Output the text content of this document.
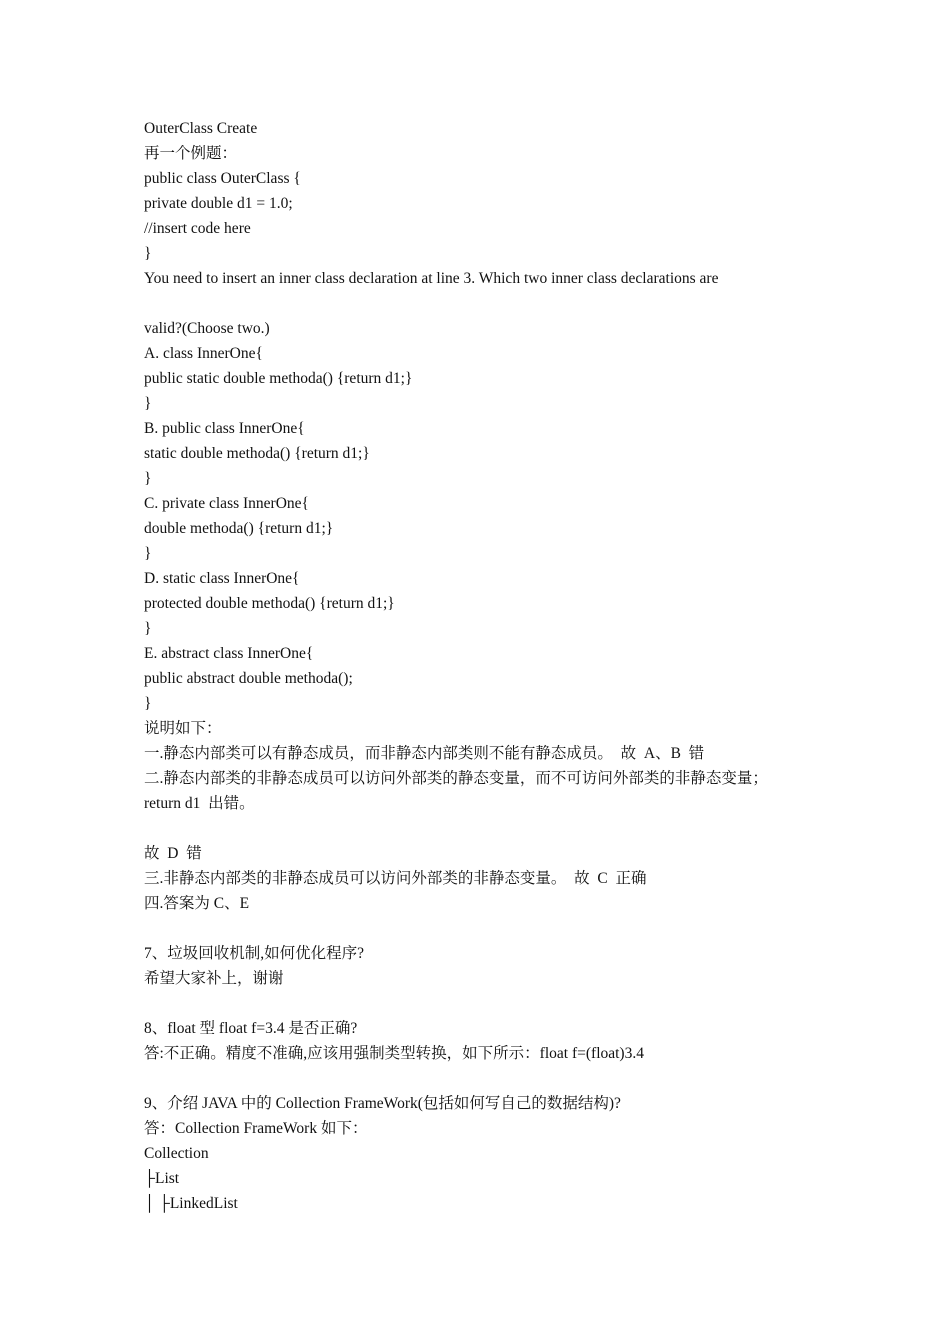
OuterClass Create
再一个例题：
public class OuterClass {
private double d1 = 1.0;
//insert code here
}
You need to insert an inner class declaration at line 3. Which two inner class declarations are
valid?(Choose two.)
A. class InnerOne{
public static double methoda() {return d1;}
}
B. public class InnerOne{
static double methoda() {return d1;}
}
C. private class InnerOne{
double methoda() {return d1;}
}
D. static class InnerOne{
protected double methoda() {return d1;}
}
E. abstract class InnerOne{
public abstract double methoda();
}
说明如下：
一.静态内部类可以有静态成员，而非静态内部类则不能有静态成员。  故  A、B  错
二.静态内部类的非静态成员可以访问外部类的静态变量，而不可访问外部类的非静态变量；
return d1  出错。
故  D  错
三.非静态内部类的非静态成员可以访问外部类的非静态变量。  故  C  正确
四.答案为 C、E
7、垃圾回收机制,如何优化程序?
希望大家补上，谢谢
8、float 型 float f=3.4 是否正确?
答:不正确。精度不准确,应该用强制类型转换，如下所示：float f=(float)3.4
9、介绍 JAVA 中的 Collection FrameWork(包括如何写自己的数据结构)?
答：Collection FrameWork 如下：
Collection
├List
│ ├LinkedList
